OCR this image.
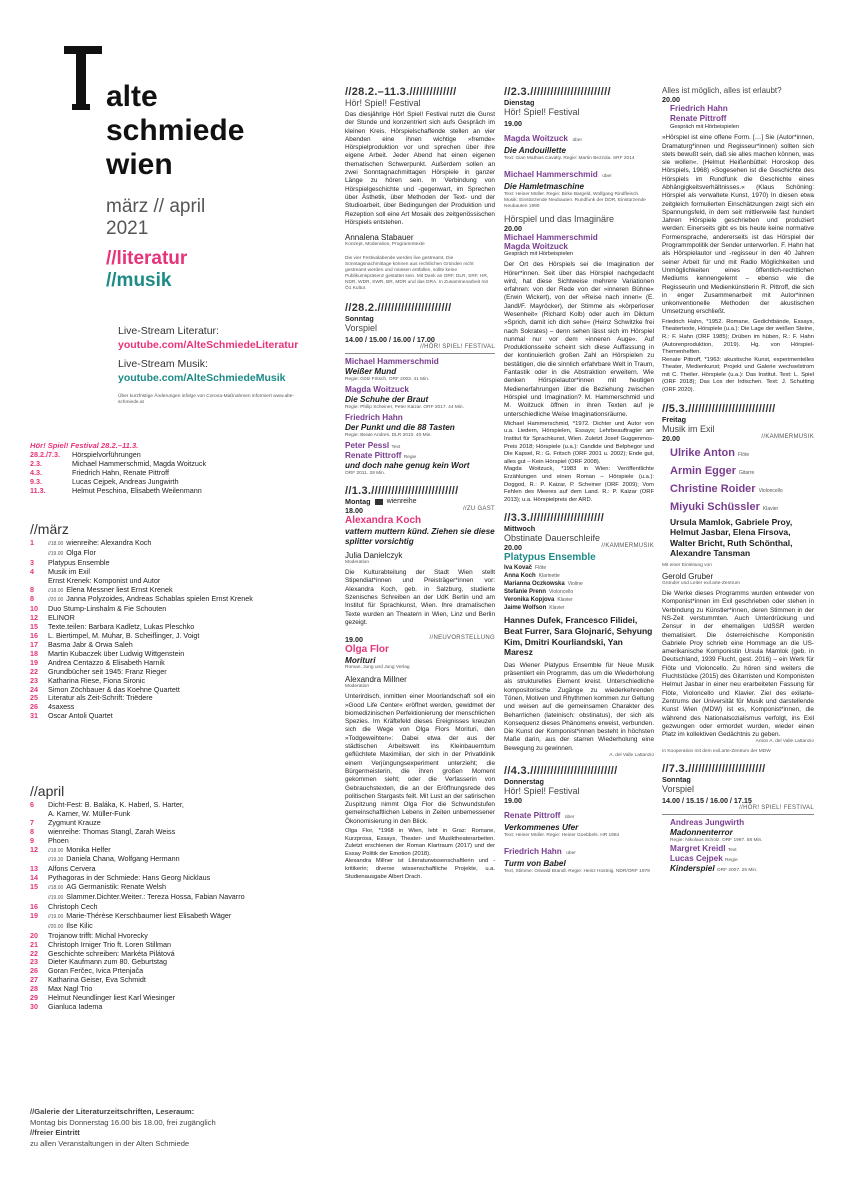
alte
schmiede
wien
märz // april
2021
//literatur
//musik
Live-Stream Literatur:
youtube.com/AlteSchmiedeLiteratur
Live-Stream Musik:
youtube.com/AlteSchmiedeMusik
Über kurzfristige Änderungen infolge von Corona-Maßnahmen informiert www.alte-schmiede.at
Hör! Spiel! Festival 28.2.–11.3.
28.2./7.3.	Hörspielvorführungen
2.3.	Michael Hammerschmid, Magda Woitzuck
4.3.	Friedrich Hahn, Renate Pittroff
9.3.	Lucas Cejpek, Andreas Jungwirth
11.3.	Helmut Peschina, Elisabeth Weilenmann
//märz
1	//18.00 wienreihe: Alexandra Koch
//19.00 Olga Flor
3	Platypus Ensemble
4	Musik im Exil
Ernst Krenek: Komponist und Autor
8	//18.00 Elena Messner liest Ernst Krenek
8	//20.00 Janna Polyzoides, Andreas Schablas spielen Ernst Krenek
10	Duo Stump-Linshalm & Fie Schouten
12	ELINOR
15	Texte.teilen: Barbara Kadletz, Lukas Pleschko
16	L. Biertimpel, M. Muhar, B. Scheiflinger, J. Voigt
17	Basma Jabr & Orwa Saleh
18	Martin Kubaczek über Ludwig Wittgenstein
19	Andrea Centazzo & Elisabeth Harnik
22	Grundbücher seit 1945: Franz Rieger
23	Katharina Riese, Fiona Sironic
24	Simon Zöchbauer & das Koehne Quartett
25	Literatur als Zeit-Schrift: Triëdere
26	4saxess
31	Oscar Antoli Quartet
//april
6	Dicht-Fest: B. Baláka, K. Haberl, S. Harter,
A. Karner, W. Müller-Funk
7	Zygmunt Krauze
8	wienreihe: Thomas Stangl, Zarah Weiss
9	Phoen
12	//18.00 Monika Helfer
//19.30 Daniela Chana, Wolfgang Hermann
13	Alfons Cervera
14	Pythagoras in der Schmiede: Hans Georg Nicklaus
15	//18.00 AG Germanistik: Renate Welsh
//19.00 Slammer.Dichter.Weiter.: Tereza Hossa, Fabian Navarro
16	Christoph Cech
19	//19.00 Marie-Thérèse Kerschbaumer liest Elisabeth Wäger
//20.00 Ilse Kilic
20	Trojanow trifft: Michal Hvorecky
21	Christoph Irniger Trio ft. Loren Stillman
22	Geschichte schreiben: Markéta Pilátová
23	Dieter Kaufmann zum 80. Geburtstag
26	Goran Ferčec, Ivica Prtenjača
27	Katharina Geiser, Eva Schmidt
28	Max Nagl Trio
29	Helmut Neundlinger liest Karl Wiesinger
30	Gianluca Iadema
//Galerie der Literaturzeitschriften, Leseraum:
Montag bis Donnerstag 16.00 bis 18.00, frei zugänglich
//freier Eintritt
zu allen Veranstaltungen in der Alten Schmiede
//28.2.–11.3.//////////////
Hör! Spiel! Festival
Das diesjährige Hör! Spiel! Festival nutzt die Gunst der Stunde und konzentriert sich aufs Gespräch im kleinen Kreis. Hörspielschaffende stellen an vier Abenden eine ihnen wichtige »fremde« Hörspielproduktion vor und sprechen über ihre eigene Arbeit. Jeder Abend hat einen eigenen thematischen Schwerpunkt. Außerdem sollen an zwei Sonntagnachmittagen Hörspiele in ganzer Länge zu hören sein. In Verbindung von Hörspielgeschichte und -gegenwart, im Sprechen über Ästhetik, über Methoden der Text- und der Studioarbeit, über Bedingungen der Produktion und Rezeption soll eine Art Mosaik des zeitgenössischen Hörspiels entstehen.
Annalena Stabauer
Konzept, Moderation, Programmtexte
Die vier Festivalabende werden live gestreamt. Die Sonntagsnachmittage können aus rechtlichen Gründen nicht gestreamt werden und müssen entfallen, sollte keine Publikumspräsenz gestattet sein. Mit Dank an ORF, DLR, SRF, HR, NDR, WDR, SWR, BR, MDR und das DRA. In Zusammenarbeit mit Ö1 Kultur.
//28.2.//////////////////////
Sonntag
Vorspiel
14.00 / 15.00 / 16.00 / 17.00
//HÖR! SPIEL! FESTIVAL
Michael Hammerschmid
Weißer Mund
Regie: Götz Fritsch. ORF 2003. 41 Min.
Magda Woitzuck
Die Schuhe der Braut
Regie: Philip Scheiner, Peter Kaizar. ORF 2017. 44 Min.
Friedrich Hahn
Der Punkt und die 88 Tasten
Regie: Beate Andres. DLR 2010. 40 Min.
Peter Pessl Text
Renate Pittroff Regie
und doch nahe genug kein Wort
ORF 2011. 29 Min.
//1.3.//////////////////////////
Montag wienreihe
18.00	//ZU GAST
Alexandra Koch
vattern muttern künd. Ziehen sie diese splitter vorsichtig
Julia Danielczyk
Moderation
Die Kulturabteilung der Stadt Wien stellt Stipendiat*innen und Preisträger*innen vor: Alexandra Koch, geb. in Salzburg, studierte Szenisches Schreiben an der UdK Berlin und am Institut für Sprachkunst, Wien. Ihre dramatischen Texte wurden an Theatern in Wien, Linz und Berlin gezeigt.
19.00	//NEUVORSTELLUNG
Olga Flor
Morituri
Roman. Jung und Jung Verlag
Alexandra Millner
Moderation
Unterirdisch, inmitten einer Moorlandschaft soll ein »Good Life Center« eröffnet werden, gewidmet der biomedizinischen Perfektionierung der menschlichen Spezies. Im Kräftefeld dieses Ereignisses kreuzen sich die Wege von Olga Flors Morituri, den »Todgeweihten«: Dabei etwa der aus der städtischen Arbeitswelt ins Kleinbauerntum geflüchtete Maximilian, der sich in der Privatklinik einem Verjüngungsexperiment unterzieht; die Bürgermeisterin, die ihren großen Moment gekommen sieht; oder die Verfasserin von Gebrauchstexten, die an der Eröffnungsrede des politischen Stargasts feilt. Mit Lust an der satirischen Zuspitzung nimmt Olga Flor die Schwundstufen gemeinschaftlichen Lebens in Zeiten unbemessener Ökonomisierung in den Blick.
Olga Flor, *1968 in Wien, lebt in Graz: Romane, Kurzprosa, Essays, Theater- und Musiktheaterarbeiten. Zuletzt erschienen der Roman Klartraum (2017) und der Essay Politik der Emotion (2018).
Alexandra Millner ist Literaturwissenschaftlerin und -kritikerin; diverse wissenschaftliche Projekte, u.a. Studienausgabe Albert Drach.
//2.3.////////////////////////
Dienstag
Hör! Spiel! Festival
19.00
Magda Woitzuck über
Die Andouillette
Text: Gian Mathias Cavalty. Regie: Martin Bezzola. SRF 2014
Michael Hammerschmid über
Die Hamletmaschine
Text: Heiner Müller. Regie: Birke Bargeld, Wolfgang Rindfleisch. Musik: Einstürzende Neubauten. Rundfunk der DDR, Einstürzende Neubauten 1990
Hörspiel und das Imaginäre
20.00
Michael Hammerschmid
Magda Woitzuck
Gespräch mit Hörbeispielen
Der Ort des Hörspiels sei die Imagination der Hörer*innen. Seit über das Hörspiel nachgedacht wird, hat diese Sichtweise mehrere Variationen erfahren: von der Rede von der »inneren Bühne« (Erwin Wickert), von der »Reise nach innen« (E. Jandl/F. Mayröcker), der Stimme als »körperloser Wesenheit« (Richard Kolb) oder auch im Diktum »Sprich, damit ich dich sehe« (Heinz Schwitzke frei nach Sokrates) – denn sehen lässt sich im Hörspiel nunmal nur vor dem »inneren Auge«. Auf Produktionsseite scheint sich diese Auffassung in der kontinuierlich großen Zahl an Hörspielen zu bestätigen, die die sinnlich erfahrbare Welt in Traum, Fantastik oder in die Abstraktion erweitern. Wie denken Hörspielautor*innen mit heutigen Medienerfahrungen über die Beziehung zwischen Hörspiel und Imagination? M. Hammerschmid und M. Woitzuck öffnen in ihren Texten auf je unterschiedliche Weise Imaginationsräume.
Michael Hammerschmid, *1972. Dichter und Autor von u.a. Liedern, Hörspielen, Essays; Lehrbeauftragter am Institut für Sprachkunst, Wien. Zuletzt Josef Guggenmos-Preis 2018; Hörspiele (u.a.): Candide und Belphegor und Die Kapsel, R.: G. Fritsch (ORF 2001 u. 2002); Ende gut, alles gut – Kein Hörspiel (ORF 2008).
Magda Woitzuck, *1983 in Wien: Veröffentlichte Erzählungen und einen Roman – Hörspiele (u.a.): Doggod, R.: P. Kaizar, P. Scheiner (ORF 2009); Vom Fehlen des Meeres auf dem Land. R.: P. Kaizar (ORF 2013); u.a. Hörspielpreis der ARD.
//3.3.//////////////////////
Mittwoch
Obstinate Dauerschleife
20.00	//KAMMERMUSIK
Platypus Ensemble
Iva Kovač Flöte
Anna Koch Klarinette
Marianna Oczkowska Violine
Stefanie Prenn Violoncello
Veronika Kopjova Klavier
Jaime Wolfson Klavier
Hannes Dufek, Francesco Filidei, Beat Furrer, Sara Glojnarić, Sehyung Kim, Dmitri Kourliandski, Yan Maresz
Das Wiener Platypus Ensemble für Neue Musik präsentiert ein Programm, das um die Wiederholung als strukturelles Element kreist. Unterschiedliche kompositorische Zugänge zu wiederkehrenden Tönen, Motiven und Rhythmen kommen zur Geltung und weisen auf die gemeinsamen Charakter des Beharrlichen (lateinisch: obstinatus), der sich als Konsequenz dieses Phänomens erweist, verbunden. Die Kunst der Komponist*innen besteht in höchsten Maße darin, aus der starren Wiederholung eine Bewegung zu gewinnen.
A. del Valle Lattanzio
//4.3.//////////////////////////
Donnerstag
Hör! Spiel! Festival
19.00
Renate Pittroff über
Verkommenes Ufer
Text: Heiner Müller. Regie: Heiner Goebbels. HR 1984
Friedrich Hahn über
Turm von Babel
Text, Stimme: Oswald Brandl. Regie: Heinz Hostnig. NDR/ORF 1979
Alles ist möglich, alles ist erlaubt?
20.00
Friedrich Hahn
Renate Pittroff
Gespräch mit Hörbeispielen
»Hörspiel ist eine offene Form. […] Sie (Autor*innen, Dramaturg*innen und Regisseur*innen) sollten sich stets bewußt sein, daß sie alles machen können, was sie wollen«. (Helmut Heißenbüttel: Horoskop des Hörspiels, 1968) »Sogesehen ist die Geschichte des Hörspiels im Rundfunk die Geschichte eines Abhängigkeitsverhältnisses.« (Klaus Schöning: Hörspiel als verwaltete Kunst, 1970) In diesen etwa zeitgleich formulierten Einschätzungen zeigt sich ein Spannungsfeld, in dem seit mittlerweile fast hundert Jahren Hörspiele geschrieben und produziert werden: Einerseits gibt es bis heute keine normative Formensprache, andererseits ist das Hörspiel der Programmpolitik der Sender unterworfen. F. Hahn hat als Hörspielautor und -regisseur in den 40 Jahren seiner Arbeit für und mit Radio Möglichkeiten und Unmöglichkeiten eines öffentlich-rechtlichen Mediums kennengelernt – ebenso wie die Regisseurin und Medienkünstlerin R. Pittroff, die sich in enger Zusammenarbeit mit Autor*innen unkonventionelle Methoden der akustischen Umsetzung erschließt.
Friedrich Hahn, *1952. Romane, Gedichtbände, Essays, Theatertexte, Hörspiele (u.a.): Die Lage der weißen Steine, R.: F. Hahn (ORF 1985); Drüben im hüben, R.: F. Hahn (Autorenproduktion, 2019). Hg. von Hörspiel-Themenheften.
Renate Pittroff, *1963: akustische Kunst, experimentelles Theater, Medienkunst; Projekt und Galerie wechselstrom mit C. Theiler. Hörspiele (u.a.): Das Institut. Text: L. Spiel (ORF 2018); Das Los der Irdischen. Text: J. Schutting (ORF 2020).
//5.3.//////////////////////////
Freitag
Musik im Exil
20.00	//KAMMERMUSIK
Ulrike Anton Flöte
Armin Egger Gitarre
Christine Roider Violoncello
Miyuki Schüssler Klavier
Ursula Mamlok, Gabriele Proy, Helmut Jasbar, Elena Firsova, Walter Bricht, Ruth Schönthal, Alexandre Tansman
Mit einer Einleitung von
Gerold Gruber
Gründer und Leiter exil.arte-Zentrum
Die Werke dieses Programms wurden entweder von Komponist*innen im Exil geschrieben oder stehen in Verbindung zu Künstler*innen, deren Stimmen in der NS-Zeit verstummten. Auch Unterdrückung und Zensur in der ehemaligen UdSSR werden thematisiert. Die österreichische Komponistin Gabriele Proy schrieb eine Hommage an die US-amerikanische Komponistin Ursula Mamlok (geb. in Deutschland, 1939 Flucht, gest. 2016) – ein Werk für Flöte und Violoncello. Zu hören sind weiters die Fluchtstücke (2015) des Gitarristen und Komponisten Helmut Jasbar in einer neu erarbeiteten Fassung für Flöte, Violoncello und Klavier. Ziel des exilarte-Zentrums der Universität für Musik und darstellende Kunst Wien (MDW) ist es, Komponist*innen, die während des Nationalsozialismus verfolgt, ins Exil gezwungen oder ermordet wurden, wieder einen Platz im kollektiven Gedächtnis zu geben.
Anton A. del Valle Lattanzio
In Kooperation mit dem exil.arte-Zentrum der MDW
//7.3.///////////////////////
Sonntag
Vorspiel
14.00 / 15.15 / 16.00 / 17.15
//HÖR! SPIEL! FESTIVAL
Andreas Jungwirth
Madonnenterror
Regie: Nikolaus Scholz. ORF 1997. 58 Min.
Margret Kreidl Text
Lucas Cejpek Regie
Kinderspiel ORF 2007. 25 Min.
